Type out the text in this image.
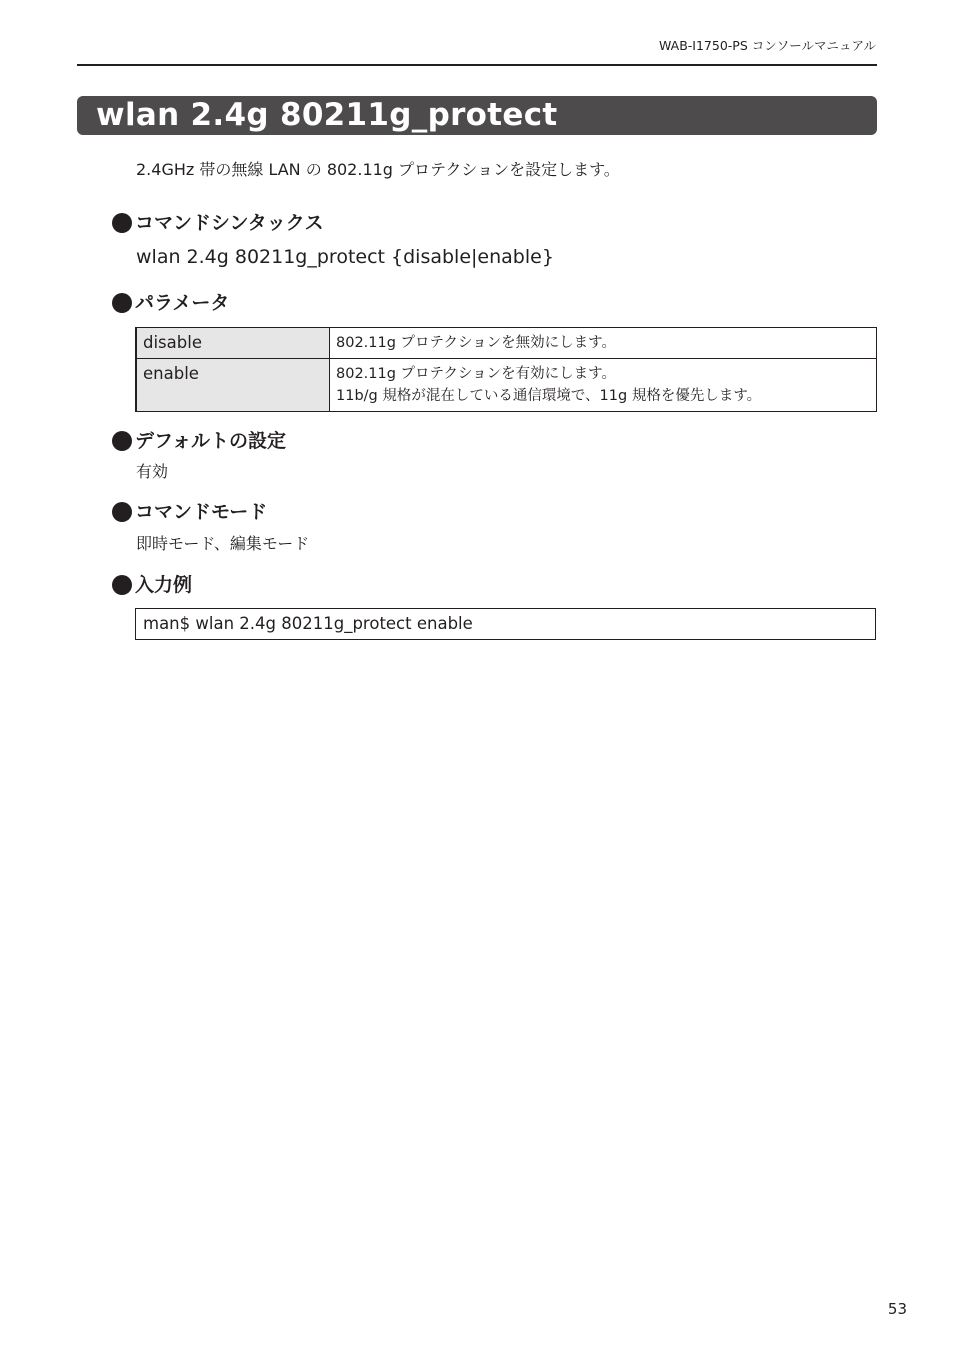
WAB-I1750-PS コンソールマニュアル
wlan 2.4g 80211g_protect
2.4GHz 帯の無線 LAN の 802.11g プロテクションを設定します。
コマンドシンタックス
wlan 2.4g 80211g_protect {disable|enable}
パラメータ
disable	802.11g プロテクションを無効にします。

enable	802.11g プロテクションを有効にします。
11b/g 規格が混在している通信環境で、11g 規格を優先します。
デフォルトの設定
有効
コマンドモード
即時モード、編集モード
入力例
man$ wlan 2.4g 80211g_protect enable
53
